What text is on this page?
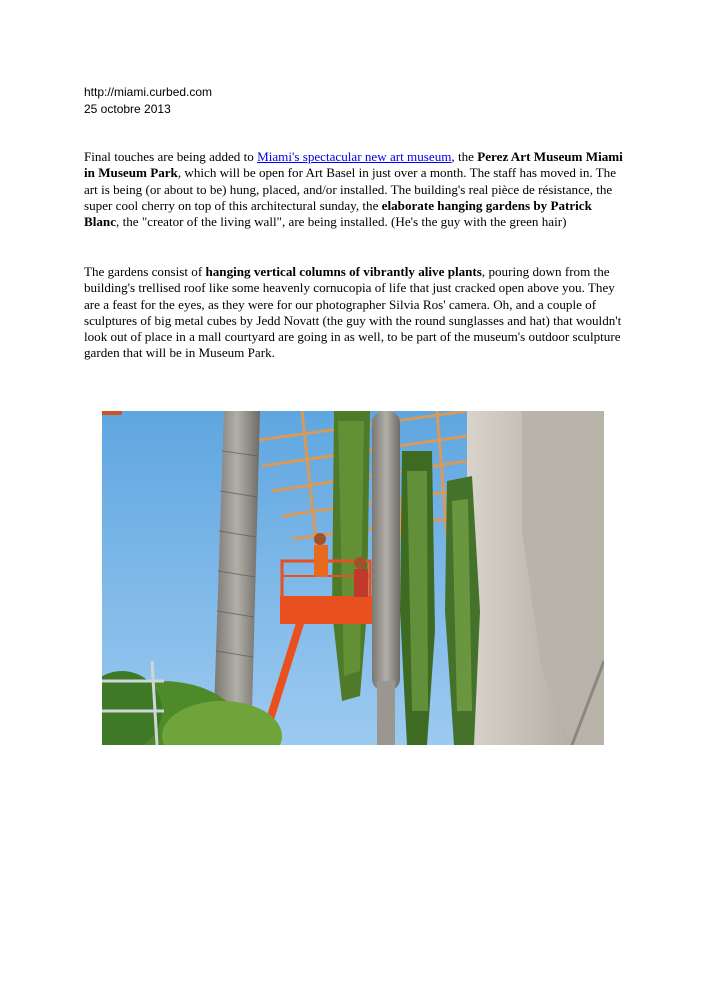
http://miami.curbed.com
25 octobre 2013

Final touches are being added to Miami's spectacular new art museum, the Perez Art Museum Miami in Museum Park, which will be open for Art Basel in just over a month. The staff has moved in. The art is being (or about to be) hung, placed, and/or installed. The building's real pièce de résistance, the super cool cherry on top of this architectural sunday, the elaborate hanging gardens by Patrick Blanc, the "creator of the living wall", are being installed. (He's the guy with the green hair)

The gardens consist of hanging vertical columns of vibrantly alive plants, pouring down from the building's trellised roof like some heavenly cornucopia of life that just cracked open above you. They are a feast for the eyes, as they were for our photographer Silvia Ros' camera. Oh, and a couple of sculptures of big metal cubes by Jedd Novatt (the guy with the round sunglasses and hat) that wouldn't look out of place in a mall courtyard are going in as well, to be part of the museum's outdoor sculpture garden that will be in Museum Park.
